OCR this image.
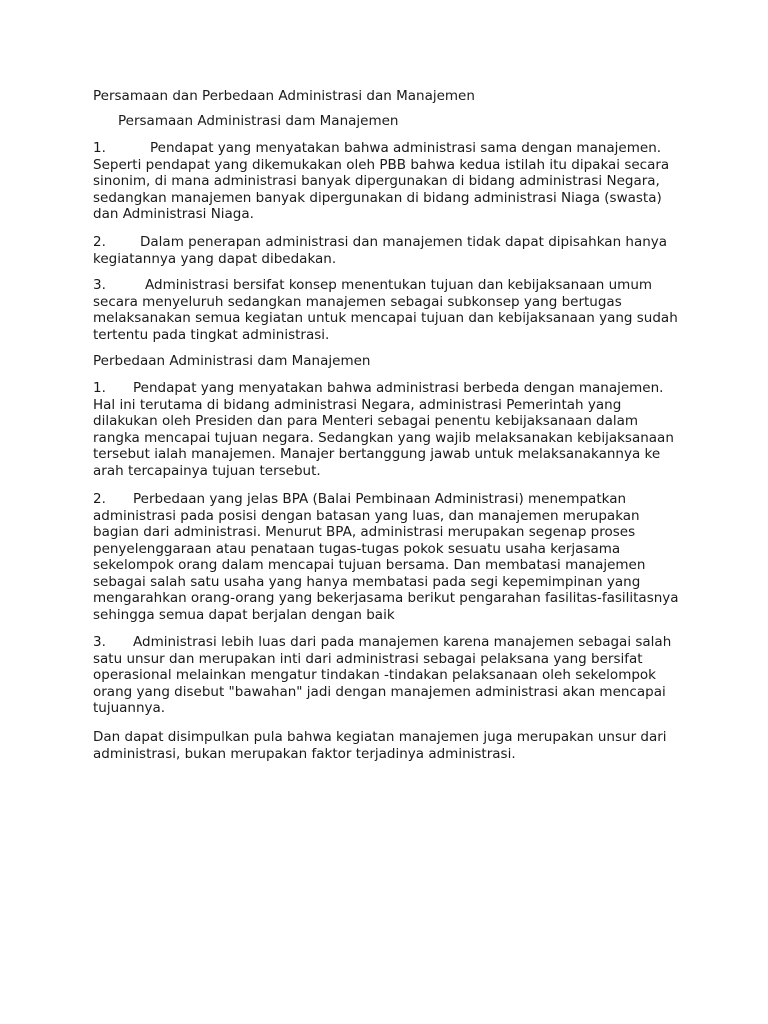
Persamaan dan Perbedaan Administrasi dan Manajemen

Persamaan Administrasi dam Manajemen

1.	Pendapat yang menyatakan bahwa administrasi sama dengan manajemen. Seperti pendapat yang dikemukakan oleh PBB bahwa kedua istilah itu dipakai secara sinonim, di mana administrasi banyak dipergunakan di bidang administrasi Negara, sedangkan manajemen banyak dipergunakan di bidang administrasi Niaga (swasta) dan Administrasi Niaga.

2.	Dalam penerapan administrasi dan manajemen tidak dapat dipisahkan hanya kegiatannya yang dapat dibedakan.

3.	Administrasi bersifat konsep menentukan tujuan dan kebijaksanaan umum secara menyeluruh sedangkan manajemen sebagai subkonsep yang bertugas melaksanakan semua kegiatan untuk mencapai tujuan dan kebijaksanaan yang sudah tertentu pada tingkat administrasi.

Perbedaan Administrasi dam Manajemen

1. Pendapat yang menyatakan bahwa administrasi berbeda dengan manajemen. Hal ini terutama di bidang administrasi Negara, administrasi Pemerintah yang dilakukan oleh Presiden dan para Menteri sebagai penentu kebijaksanaan dalam rangka mencapai tujuan negara. Sedangkan yang wajib melaksanakan kebijaksanaan tersebut ialah manajemen. Manajer bertanggung jawab untuk melaksanakannya ke arah tercapainya tujuan tersebut.

2. Perbedaan yang jelas BPA (Balai Pembinaan Administrasi) menempatkan administrasi pada posisi dengan batasan yang luas, dan manajemen merupakan bagian dari administrasi. Menurut BPA, administrasi merupakan segenap proses penyelenggaraan atau penataan tugas-tugas pokok sesuatu usaha kerjasama sekelompok orang dalam mencapai tujuan bersama. Dan membatasi manajemen sebagai salah satu usaha yang hanya membatasi pada segi kepemimpinan yang mengarahkan orang-orang yang bekerjasama berikut pengarahan fasilitas-fasilitasnya sehingga semua dapat berjalan dengan baik

3. Administrasi lebih luas dari pada manajemen karena manajemen sebagai salah satu unsur dan merupakan inti dari administrasi sebagai pelaksana yang bersifat operasional melainkan mengatur tindakan -tindakan pelaksanaan oleh sekelompok orang yang disebut "bawahan" jadi dengan manajemen administrasi akan mencapai tujuannya.

Dan dapat disimpulkan pula bahwa kegiatan manajemen juga merupakan unsur dari administrasi, bukan merupakan faktor terjadinya administrasi.
